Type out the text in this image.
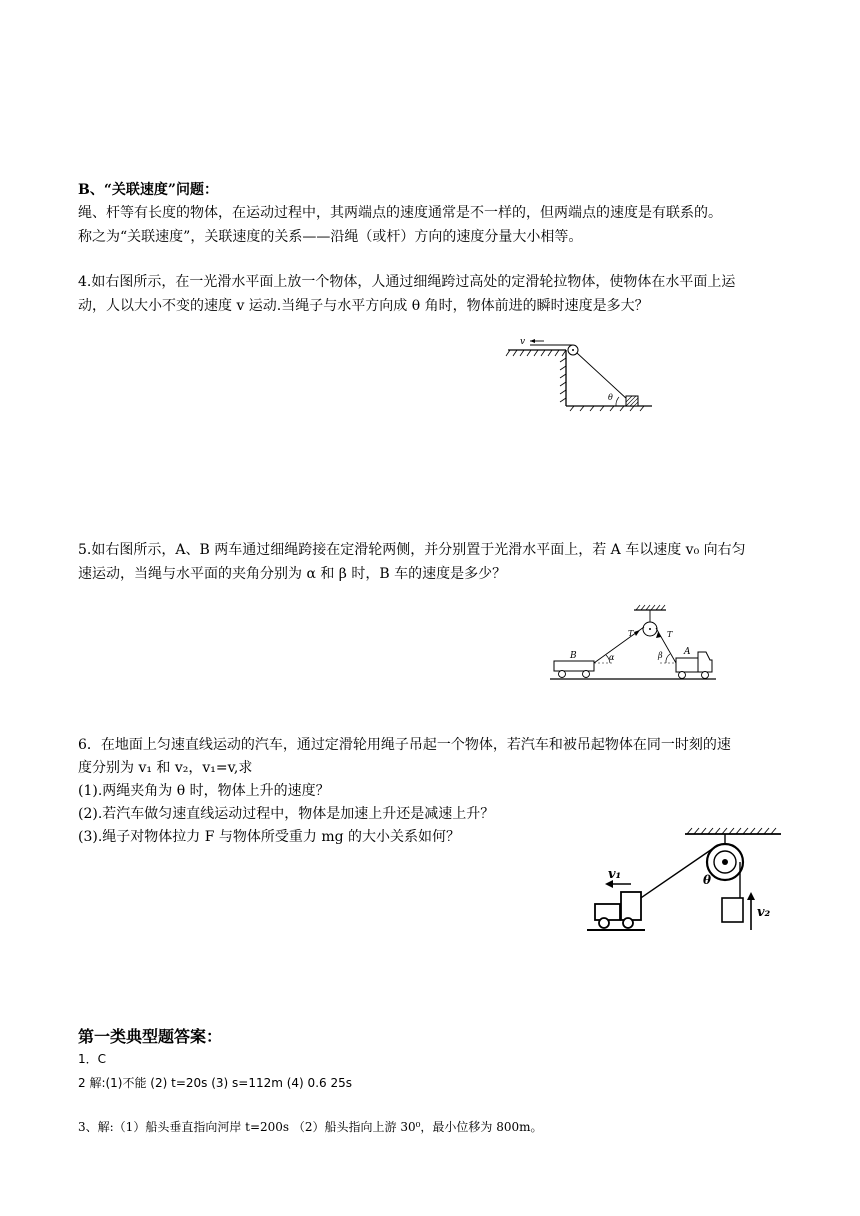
B、“关联速度”问题：
绳、杆等有长度的物体，在运动过程中，其两端点的速度通常是不一样的，但两端点的速度是有联系的。
称之为“关联速度”，关联速度的关系——沿绳（或杆）方向的速度分量大小相等。
4.如右图所示，在一光滑水平面上放一个物体，人通过细绳跨过高处的定滑轮拉物体，使物体在水平面上运
动，人以大小不变的速度 v 运动.当绳子与水平方向成 θ 角时，物体前进的瞬时速度是多大？
v
θ
5.如右图所示，A、B 两车通过细绳跨接在定滑轮两侧，并分别置于光滑水平面上，若 A 车以速度 v₀ 向右匀
速运动，当绳与水平面的夹角分别为 α 和 β 时，B 车的速度是多少？
B	A
T	T
α	β
6．在地面上匀速直线运动的汽车，通过定滑轮用绳子吊起一个物体，若汽车和被吊起物体在同一时刻的速
度分别为 v₁ 和 v₂，v₁=v,求
(1).两绳夹角为 θ 时，物体上升的速度？
(2).若汽车做匀速直线运动过程中，物体是加速上升还是减速上升？
(3).绳子对物体拉力 F 与物体所受重力 mg 的大小关系如何？
θ
v₁
v₂
第一类典型题答案：
1．C
2 解:(1)不能 (2) t=20s (3) s=112m (4) 0.6 25s
3、解:（1）船头垂直指向河岸 t=200s （2）船头指向上游 30⁰，最小位移为 800m。
